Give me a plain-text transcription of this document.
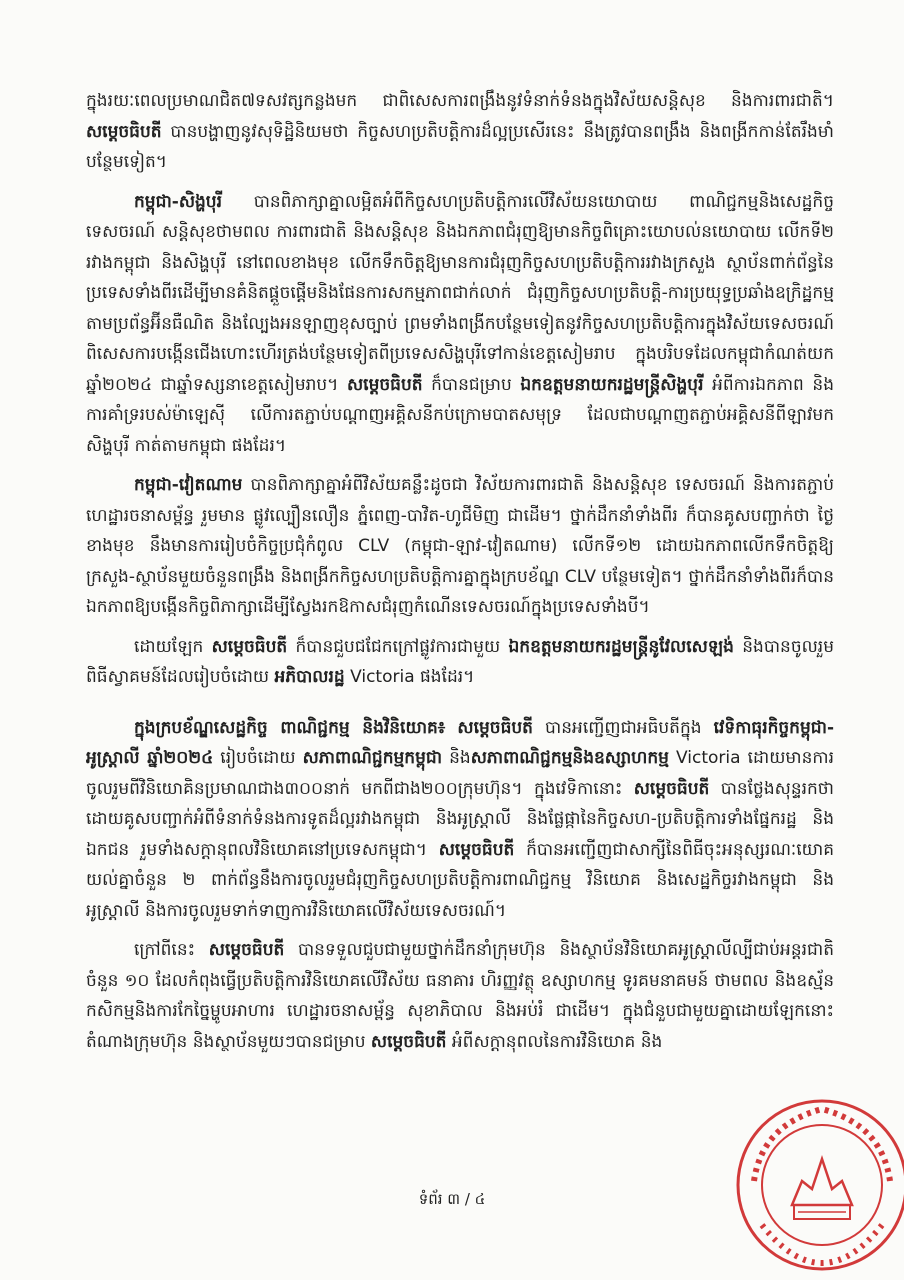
ក្នុងរយៈពេលប្រមាណជិត៧ទសវត្សកន្លងមក ជាពិសេសការពង្រឹងនូវទំនាក់ទំនងក្នុងវិស័យសន្តិសុខ និងការពារជាតិ។ សម្ដេចធិបតី បានបង្ហាញនូវសុទិដ្ឋិនិយមថា កិច្ចសហប្រតិបត្តិការដ៏ល្អប្រសើរនេះ នឹងត្រូវបានពង្រឹង និងពង្រីកកាន់តែរឹងមាំបន្ថែមទៀត។

កម្ពុជា-សិង្ហបុរី បានពិភាក្សាគ្នាលម្អិតអំពីកិច្ចសហប្រតិបត្តិការលើវិស័យនយោបាយ ពាណិជ្ជកម្មនិងសេដ្ឋកិច្ច ទេសចរណ៍ សន្តិសុខថាមពល ការពារជាតិ និងសន្តិសុខ និងឯកភាពជំរុញឱ្យមានកិច្ចពិគ្រោះយោបល់នយោបាយ លើកទី២ រវាងកម្ពុជា និងសិង្ហបុរី នៅពេលខាងមុខ លើកទឹកចិត្តឱ្យមានការជំរុញកិច្ចសហប្រតិបត្តិការរវាងក្រសួង ស្ថាប័នពាក់ព័ន្ធនៃប្រទេសទាំងពីរដើម្បីមានគំនិតផ្តួចផ្តើមនិងផែនការសកម្មភាពជាក់លាក់ ជំរុញកិច្ចសហប្រតិបត្តិ-ការប្រយុទ្ធប្រឆាំងឧក្រិដ្ឋកម្មតាមប្រព័ន្ធអ៊ីនធឺណិត និងល្បែងអនឡាញខុសច្បាប់ ព្រមទាំងពង្រីកបន្ថែមទៀតនូវកិច្ចសហប្រតិបត្តិការក្នុងវិស័យទេសចរណ៍ ពិសេសការបង្កើនជើងហោះហើរត្រង់បន្ថែមទៀតពីប្រទេសសិង្ហបុរីទៅកាន់ខេត្តសៀមរាប ក្នុងបរិបទដែលកម្ពុជាកំណត់យកឆ្នាំ២០២៤ ជាឆ្នាំទស្សនាខេត្តសៀមរាប។ សម្ដេចធិបតី ក៏បានជម្រាប ឯកឧត្តមនាយករដ្ឋមន្ត្រីសិង្ហបុរី អំពីការឯកភាព និងការគាំទ្ររបស់ម៉ាឡេស៊ី លើការតភ្ជាប់បណ្តាញអគ្គិសនីកប់ក្រោមបាតសមុទ្រ ដែលជាបណ្តាញតភ្ជាប់អគ្គិសនីពីឡាវមកសិង្ហបុរី កាត់តាមកម្ពុជា ផងដែរ។

កម្ពុជា-វៀតណាម បានពិភាក្សាគ្នាអំពីវិស័យគន្លឹះដូចជា វិស័យការពារជាតិ និងសន្តិសុខ ទេសចរណ៍ និងការតភ្ជាប់ហេដ្ឋារចនាសម្ព័ន្ធ រួមមាន ផ្លូវល្បឿនលឿន ភ្នំពេញ-បាវិត-ហូជីមិញ ជាដើម។ ថ្នាក់ដឹកនាំទាំងពីរ ក៏បានគូសបញ្ជាក់ថា ថ្ងៃខាងមុខ នឹងមានការរៀបចំកិច្ចប្រជុំកំពូល CLV (កម្ពុជា-ឡាវ-វៀតណាម) លើកទី១២ ដោយឯកភាពលើកទឹកចិត្តឱ្យក្រសួង-ស្ថាប័នមួយចំនួនពង្រឹង និងពង្រីកកិច្ចសហប្រតិបត្តិការគ្នាក្នុងក្របខ័ណ្ឌ CLV បន្ថែមទៀត។ ថ្នាក់ដឹកនាំទាំងពីរក៏បានឯកភាពឱ្យបង្កើនកិច្ចពិភាក្សាដើម្បីស្វែងរកឱកាសជំរុញកំណើនទេសចរណ៍ក្នុងប្រទេសទាំងបី។

ដោយឡែក សម្ដេចធិបតី ក៏បានជួបជជែកក្រៅផ្លូវការជាមួយ ឯកឧត្តមនាយករដ្ឋមន្ត្រីនូវែលសេឡង់ និងបានចូលរួមពិធីស្វាគមន៍ដែលរៀបចំដោយ អភិបាលរដ្ឋ Victoria ផងដែរ។

ក្នុងក្របខ័ណ្ឌសេដ្ឋកិច្ច ពាណិជ្ជកម្ម និងវិនិយោគ៖ សម្ដេចធិបតី បានអញ្ជើញជាអធិបតីក្នុង វេទិកាធុរកិច្ចកម្ពុជា-អូស្ត្រាលី ឆ្នាំ២០២៤ រៀបចំដោយ សភាពាណិជ្ជកម្មកម្ពុជា និងសភាពាណិជ្ជកម្មនិងឧស្សាហកម្ម Victoria ដោយមានការចូលរួមពីវិនិយោគិនប្រមាណជាង៣០០នាក់ មកពីជាង២០០ក្រុមហ៊ុន។ ក្នុងវេទិកានោះ សម្ដេចធិបតី បានថ្លែងសុន្ទរកថាដោយគូសបញ្ជាក់អំពីទំនាក់ទំនងការទូតដ៏ល្អរវាងកម្ពុជា និងអូស្ត្រាលី និងផ្លែផ្កានៃកិច្ចសហ-ប្រតិបត្តិការទាំងផ្នែករដ្ឋ និងឯកជន រួមទាំងសក្តានុពលវិនិយោគនៅប្រទេសកម្ពុជា។ សម្ដេចធិបតី ក៏បានអញ្ជើញជាសាក្សីនៃពិធីចុះអនុស្សរណៈយោគយល់គ្នាចំនួន ២ ពាក់ព័ន្ធនឹងការចូលរួមជំរុញកិច្ចសហប្រតិបត្តិការពាណិជ្ជកម្ម វិនិយោគ និងសេដ្ឋកិច្ចរវាងកម្ពុជា និងអូស្ត្រាលី និងការចូលរួមទាក់ទាញការវិនិយោគលើវិស័យទេសចរណ៍។

ក្រៅពីនេះ សម្ដេចធិបតី បានទទួលជួបជាមួយថ្នាក់ដឹកនាំក្រុមហ៊ុន និងស្ថាប័នវិនិយោគអូស្ត្រាលីល្បីជាប់អន្តរជាតិចំនួន ១០ ដែលកំពុងធ្វើប្រតិបត្តិការវិនិយោគលើវិស័យ ធនាគារ ហិរញ្ញវត្ថុ ឧស្សាហកម្ម ទូរគមនាគមន៍ ថាមពល និងឧស្ម័ន កសិកម្មនិងការកែច្នៃម្ហូបអាហារ ហេដ្ឋារចនាសម្ព័ន្ធ សុខាភិបាល និងអប់រំ ជាដើម។ ក្នុងជំនួបជាមួយគ្នាដោយឡែកនោះ តំណាងក្រុមហ៊ុន និងស្ថាប័នមួយៗបានជម្រាប សម្ដេចធិបតី អំពីសក្តានុពលនៃការវិនិយោគ និង

ទំព័រ ៣ / ៤
